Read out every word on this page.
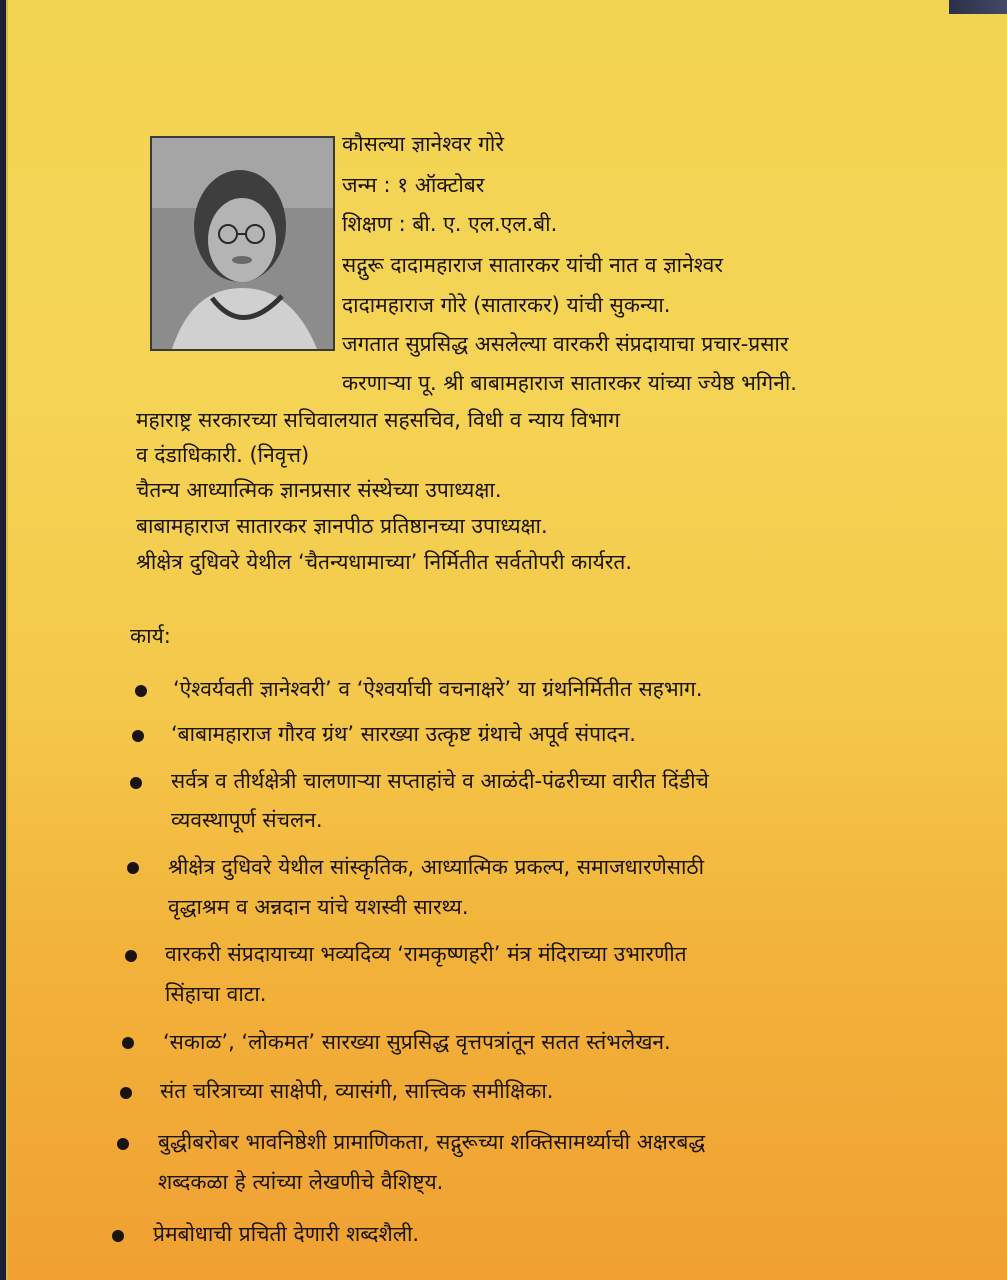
कौसल्या ज्ञानेश्वर गोरे
जन्म : १ ऑक्टोबर
शिक्षण : बी. ए. एल.एल.बी.
सद्गुरू दादामहाराज सातारकर यांची नात व ज्ञानेश्वर
दादामहाराज गोरे (सातारकर) यांची सुकन्या.
जगतात सुप्रसिद्ध असलेल्या वारकरी संप्रदायाचा प्रचार-प्रसार
करणाऱ्या पू. श्री बाबामहाराज सातारकर यांच्या ज्येष्ठ भगिनी.
महाराष्ट्र सरकारच्या सचिवालयात सहसचिव, विधी व न्याय विभाग
व दंडाधिकारी. (निवृत्त)
चैतन्य आध्यात्मिक ज्ञानप्रसार संस्थेच्या उपाध्यक्षा.
बाबामहाराज सातारकर ज्ञानपीठ प्रतिष्ठानच्या उपाध्यक्षा.
श्रीक्षेत्र दुधिवरे येथील ‘चैतन्यधामाच्या’ निर्मितीत सर्वतोपरी कार्यरत.
कार्य:
‘ऐश्वर्यवती ज्ञानेश्वरी’ व ‘ऐश्वर्याची वचनाक्षरे’ या ग्रंथनिर्मितीत सहभाग.
‘बाबामहाराज गौरव ग्रंथ’ सारख्या उत्कृष्ट ग्रंथाचे अपूर्व संपादन.
सर्वत्र व तीर्थक्षेत्री चालणाऱ्या सप्ताहांचे व आळंदी-पंढरीच्या वारीत दिंडीचे
व्यवस्थापूर्ण संचलन.
श्रीक्षेत्र दुधिवरे येथील सांस्कृतिक, आध्यात्मिक प्रकल्प, समाजधारणेसाठी
वृद्धाश्रम व अन्नदान यांचे यशस्वी सारथ्य.
वारकरी संप्रदायाच्या भव्यदिव्य ‘रामकृष्णहरी’ मंत्र मंदिराच्या उभारणीत
सिंहाचा वाटा.
‘सकाळ’, ‘लोकमत’ सारख्या सुप्रसिद्ध वृत्तपत्रांतून सतत स्तंभलेखन.
संत चरित्राच्या साक्षेपी, व्यासंगी, सात्त्विक समीक्षिका.
बुद्धीबरोबर भावनिष्ठेशी प्रामाणिकता, सद्गुरूच्या शक्तिसामर्थ्याची अक्षरबद्ध
शब्दकळा हे त्यांच्या लेखणीचे वैशिष्ट्य.
प्रेमबोधाची प्रचिती देणारी शब्दशैली.
